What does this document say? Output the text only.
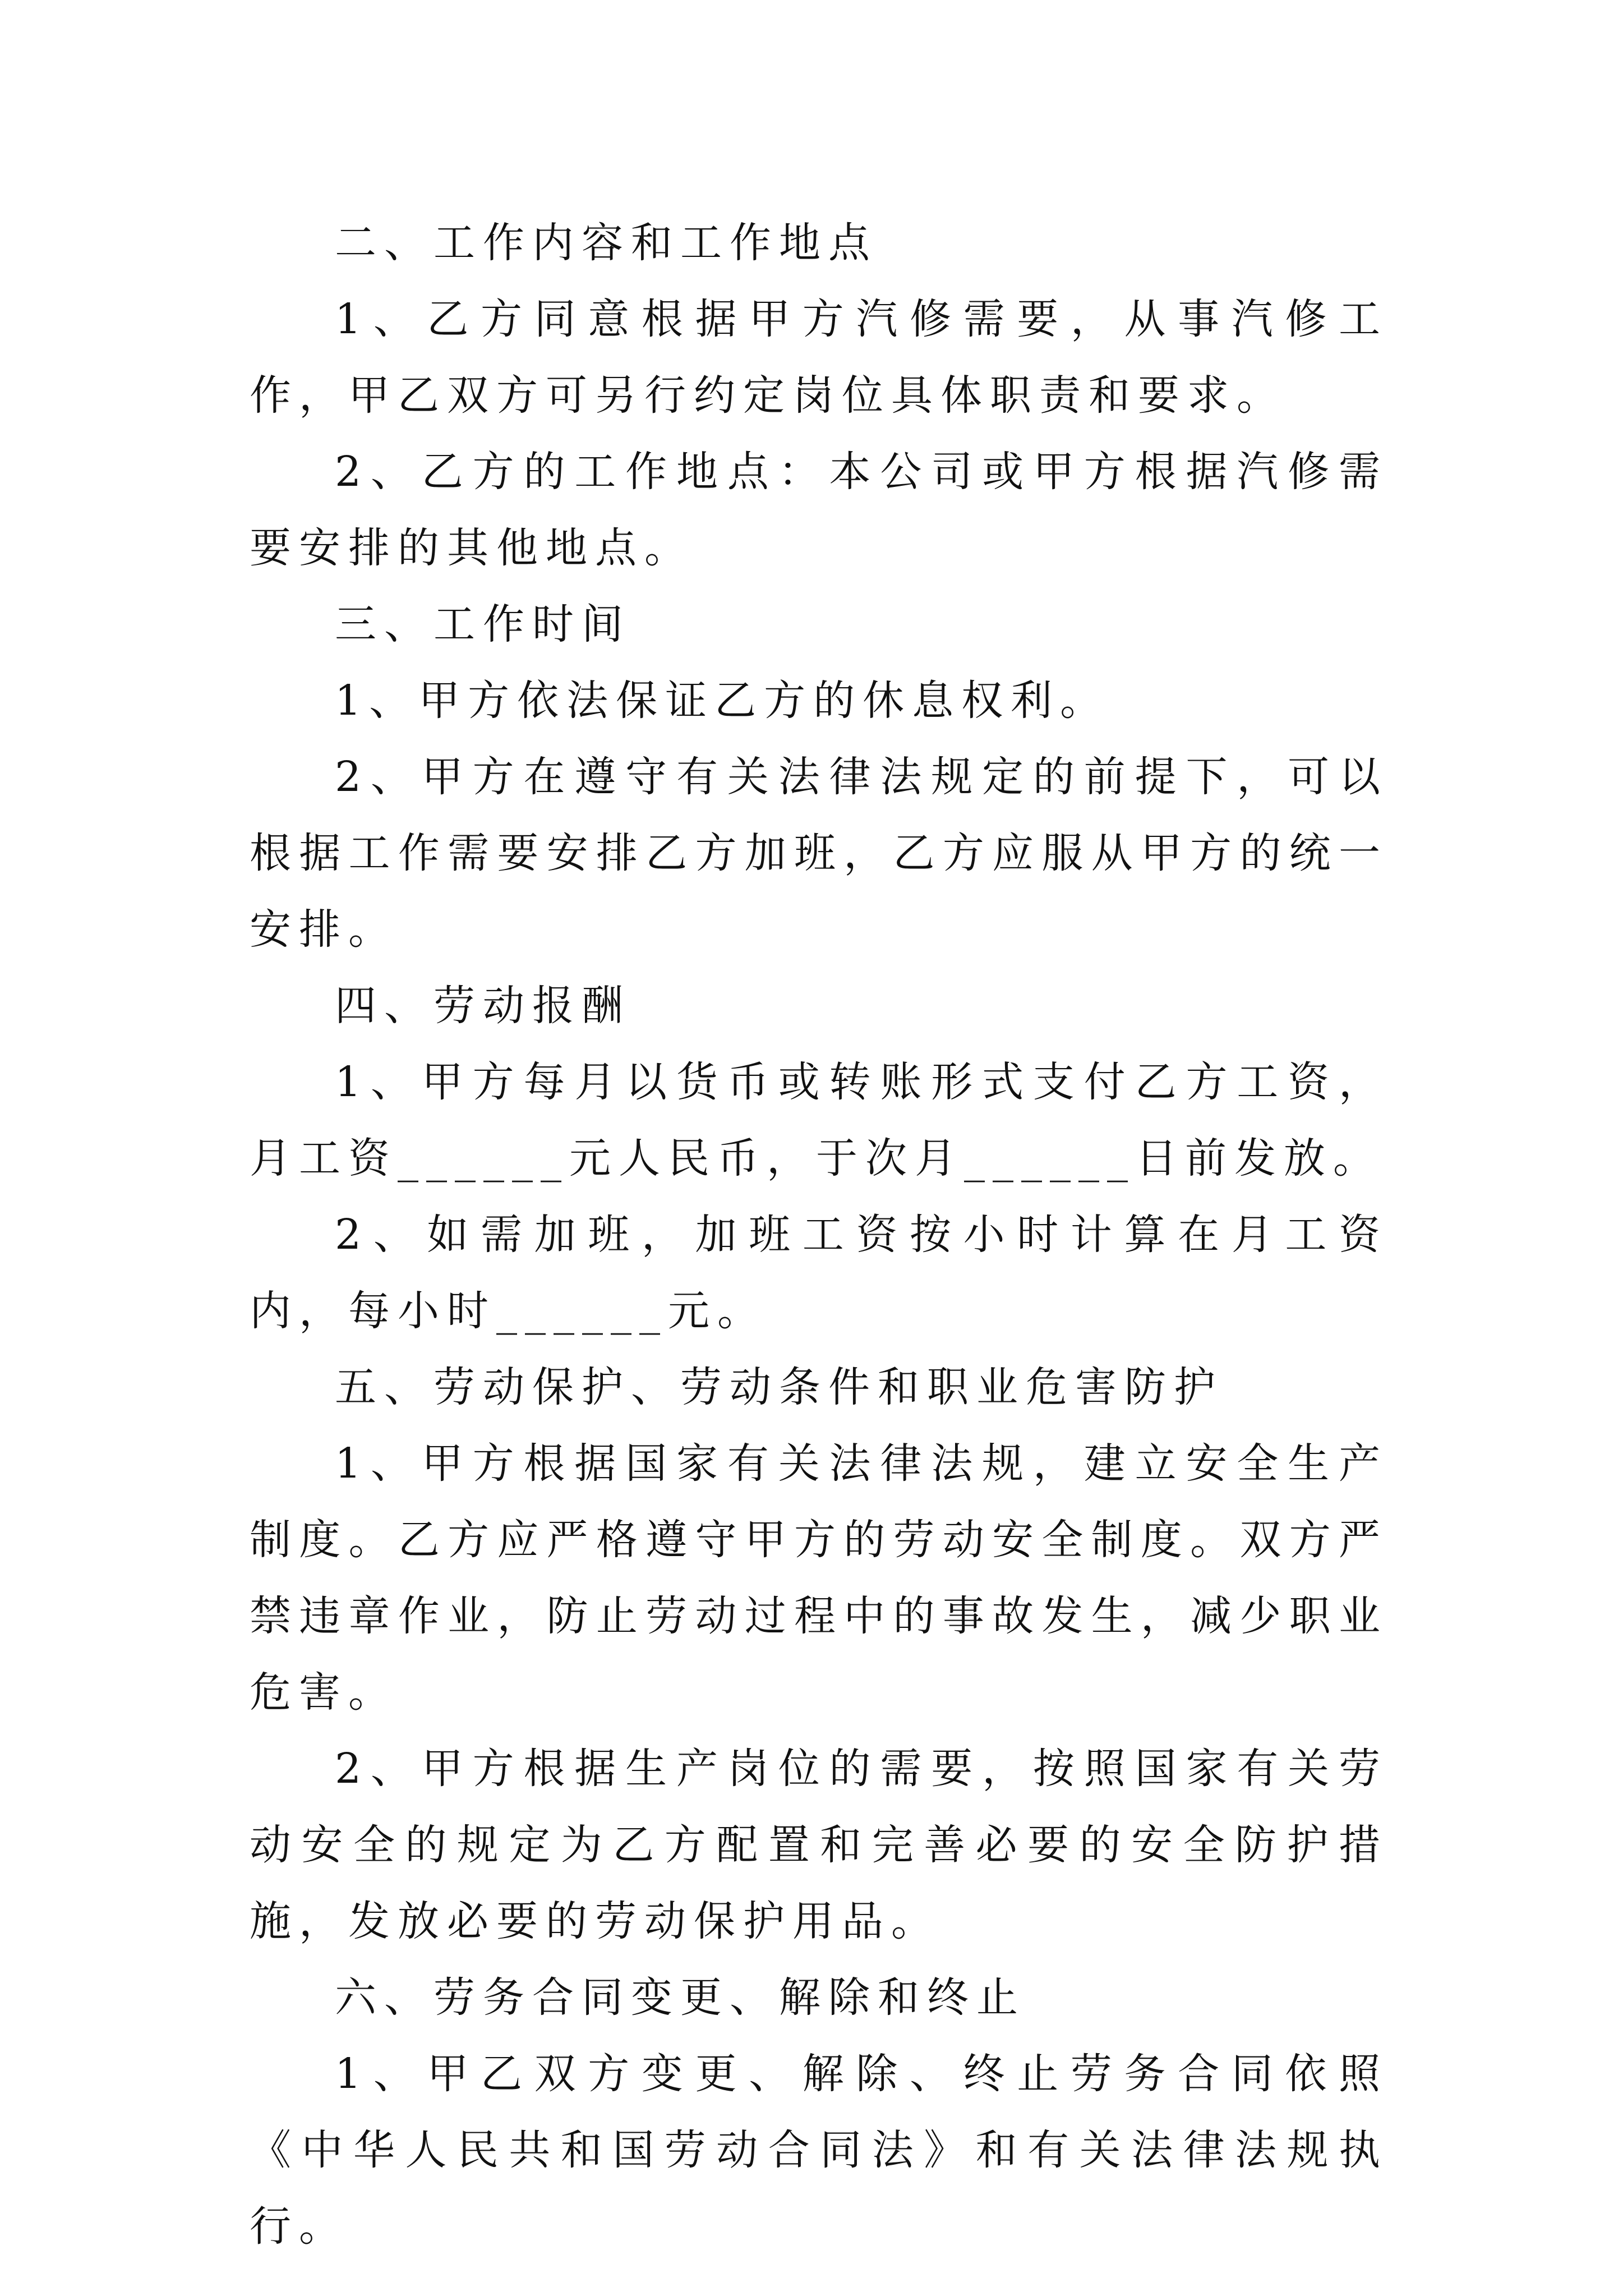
二、工作内容和工作地点

1、乙方同意根据甲方汽修需要，从事汽修工作，甲乙双方可另行约定岗位具体职责和要求。

2、乙方的工作地点：本公司或甲方根据汽修需要安排的其他地点。

三、工作时间

1、甲方依法保证乙方的休息权利。

2、甲方在遵守有关法律法规定的前提下，可以根据工作需要安排乙方加班，乙方应服从甲方的统一安排。

四、劳动报酬

1、甲方每月以货币或转账形式支付乙方工资，月工资______元人民币，于次月______日前发放。

2、如需加班，加班工资按小时计算在月工资内，每小时______元。

五、劳动保护、劳动条件和职业危害防护

1、甲方根据国家有关法律法规，建立安全生产制度。乙方应严格遵守甲方的劳动安全制度。双方严禁违章作业，防止劳动过程中的事故发生，减少职业危害。

2、甲方根据生产岗位的需要，按照国家有关劳动安全的规定为乙方配置和完善必要的安全防护措施，发放必要的劳动保护用品。

六、劳务合同变更、解除和终止

1、甲乙双方变更、解除、终止劳务合同依照《中华人民共和国劳动合同法》和有关法律法规执行。
